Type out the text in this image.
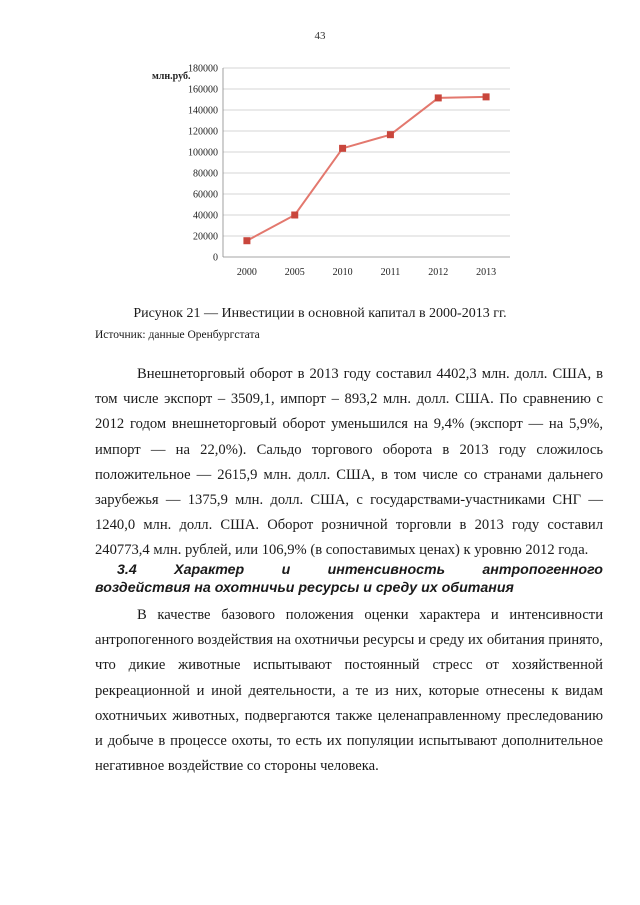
43
0
20000
40000
60000
80000
100000
120000
140000
160000
180000
млн.руб.
2000	2005	2010	2011	2012	2013
Рисунок 21 — Инвестиции в основной капитал в 2000-2013 гг.
Источник: данные Оренбургстата

Внешнеторговый оборот в 2013 году составил 4402,3 млн. долл. США, в том числе экспорт – 3509,1, импорт – 893,2 млн. долл. США. По сравнению с 2012 годом внешнеторговый оборот уменьшился на 9,4% (экспорт — на 5,9%, импорт — на 22,0%). Сальдо торгового оборота в 2013 году сложилось положительное — 2615,9 млн. долл. США, в том числе со странами дальнего зарубежья — 1375,9 млн. долл. США, с государствами-участниками СНГ — 1240,0 млн. долл. США. Оборот розничной торговли в 2013 году составил 240773,4 млн. рублей, или 106,9% (в сопоставимых ценах) к уровню 2012 года.

3.4	Характер	и	интенсивность	антропогенного
воздействия на охотничьи ресурсы и среду их обитания

В качестве базового положения оценки характера и интенсивности антропогенного воздействия на охотничьи ресурсы и среду их обитания принято, что дикие животные испытывают постоянный стресс от хозяйственной рекреационной и иной деятельности, а те из них, которые отнесены к видам охотничьих животных, подвергаются также целенаправленному преследованию и добыче в процессе охоты, то есть их популяции испытывают дополнительное негативное воздействие со стороны человека.
